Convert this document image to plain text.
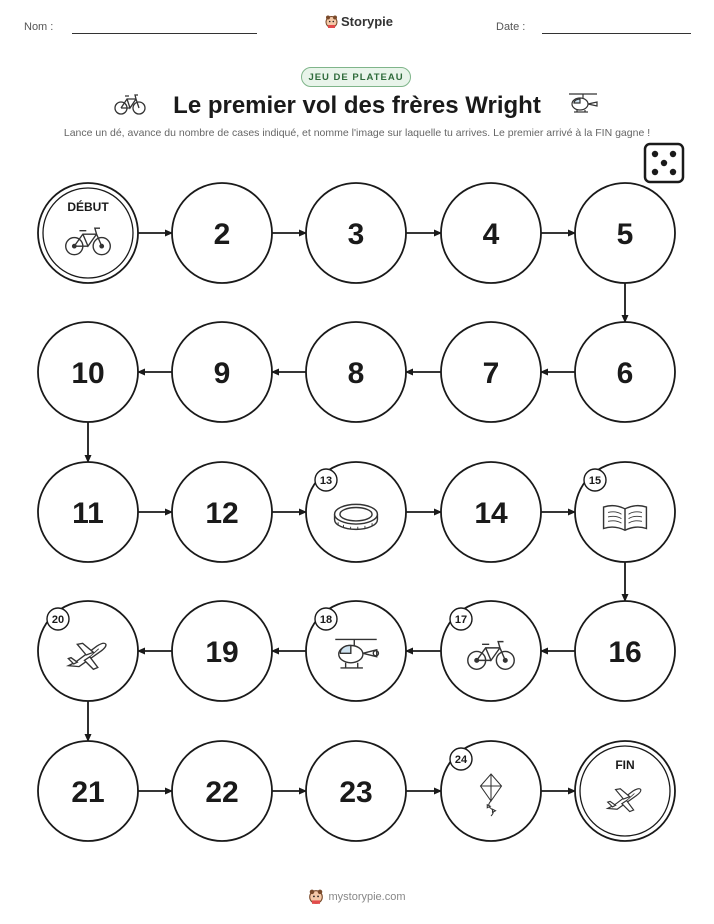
Nom :	Storypie	Date :
JEU DE PLATEAU
Le premier vol des frères Wright
Lance un dé, avance du nombre de cases indiqué, et nomme l'image sur laquelle tu arrives. Le premier arrivé à la FIN gagne !
DÉBUT
2	3	4	5
6
7
8
9
10
11	12
13
14
15
16
17
18
19
20
21	22	23
24	FIN
mystorypie.com
